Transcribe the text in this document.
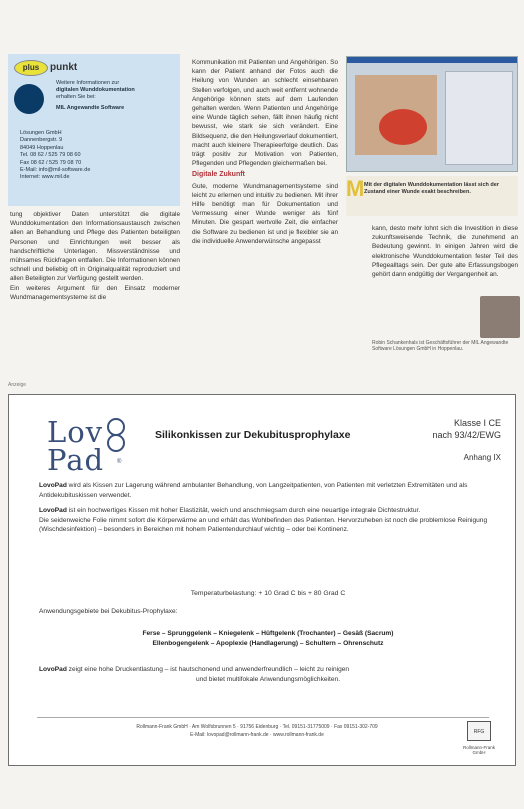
Weitere Informationen zur
digitalen Wunddokumentation
erhalten Sie bei:
MIL Angewandte Software
Lösungen GmbH
Dannenbergstr. 9
84049 Hoppenlau
Tel. 08 62 / 525 79 08 60
Fax 08 62 / 525 79 08 70
E-Mail: info@mil-software.de
Internet: www.mil.de
plus	punkt

tung objektiver Daten unterstützt die digitale Wunddokumentation den Informationsaustausch zwischen allen an Behandlung und Pflege des Patienten beteiligten Personen und Einrichtungen weit besser als handschriftliche Unterlagen. Missverständnisse und mühsames Rückfragen entfallen. Die Informationen können schnell und beliebig oft in Originalqualität reproduziert und allen Beteiligten zur Verfügung gestellt werden.

Ein weiteres Argument für den Einsatz moderner Wundmanagementsysteme ist die

Kommunikation mit Patienten und Angehörigen. So kann der Patient anhand der Fotos auch die Heilung von Wunden an schlecht einsehbaren Stellen verfolgen, und auch weit entfernt wohnende Angehörige können stets auf dem Laufenden gehalten werden. Wenn Patienten und Angehörige eine Wunde täglich sehen, fällt ihnen häufig nicht bewusst, wie stark sie sich verändert. Eine Bildsequenz, die den Heilungsverlauf dokumentiert, macht auch kleinere Therapieerfolge deutlich. Das trägt positiv zur Motivation von Patienten, Pflegenden und Pflegenden gleichermaßen bei.

Digitale Zukunft

Gute, moderne Wundmanagementsysteme sind leicht zu erlernen und intuitiv zu bedienen. Mit ihrer Hilfe benötigt man für Dokumentation und Vermessung einer Wunde weniger als fünf Minuten. Die gespart wertvolle Zeit, die einfacher die Software zu bedienen ist und je flexibler sie an die individuelle Anwenderwünsche angepasst

M Mit der digitalen Wunddokumentation lässt sich der Zustand einer Wunde exakt beschreiben.

kann, desto mehr lohnt sich die Investition in diese zukunftsweisende Technik, die zunehmend an Bedeutung gewinnt. In einigen Jahren wird die elektronische Wunddokumentation fester Teil des Pflegealltags sein. Der gute alte Erfassungsbogen gehört dann endgültig der Vergangenheit an.

Robin Schankenhals ist Geschäftsführer der MIL Angewandte Software Lösungen GmbH in Hoppenlau.
Anzeige
Lov
Pad ®
Silikonkissen zur Dekubitusprophylaxe
Klasse I CE
nach 93/42/EWG
Anhang IX
LovoPad wird als Kissen zur Lagerung während ambulanter Behandlung, von Langzeitpatienten, von Patienten mit verletzten Extremitäten und als Antidekubituskissen verwendet.
LovoPad ist ein hochwertiges Kissen mit hoher Elastizität, weich und anschmiegsam durch eine neuartige integrale Dichtestruktur.
Die seidenweiche Folie nimmt sofort die Körperwärme an und erhält das Wohlbefinden des Patienten. Hervorzuheben ist noch die problemlose Reinigung (Wischdesinfektion) – besonders in Bereichen mit hohem Patientendurchlauf wichtig – oder bei Kontinenz.
Temperaturbelastung: + 10 Grad C bis + 80 Grad C
Anwendungsgebiete bei Dekubitus-Prophylaxe:
Ferse – Sprunggelenk – Kniegelenk – Hüftgelenk (Trochanter) – Gesäß (Sacrum)
Ellenbogengelenk – Apoplexie (Handlagerung) – Schultern – Ohrenschutz
LovoPad zeigt eine hohe Druckentlastung – ist hautschonend und anwenderfreundlich – leicht zu reinigen
und bietet multifokale Anwendungsmöglichkeiten.
Rollmann-Frank GmbH · Am Wolfsbrunnen 5 · 91756 Eidenburg · Tel. 09151-31775009 · Fax 09151-302-709
E-Mail: lovopad@rollmann-frank.de · www.rollmann-frank.de	RFG
Rollmann-Frank GmbH
